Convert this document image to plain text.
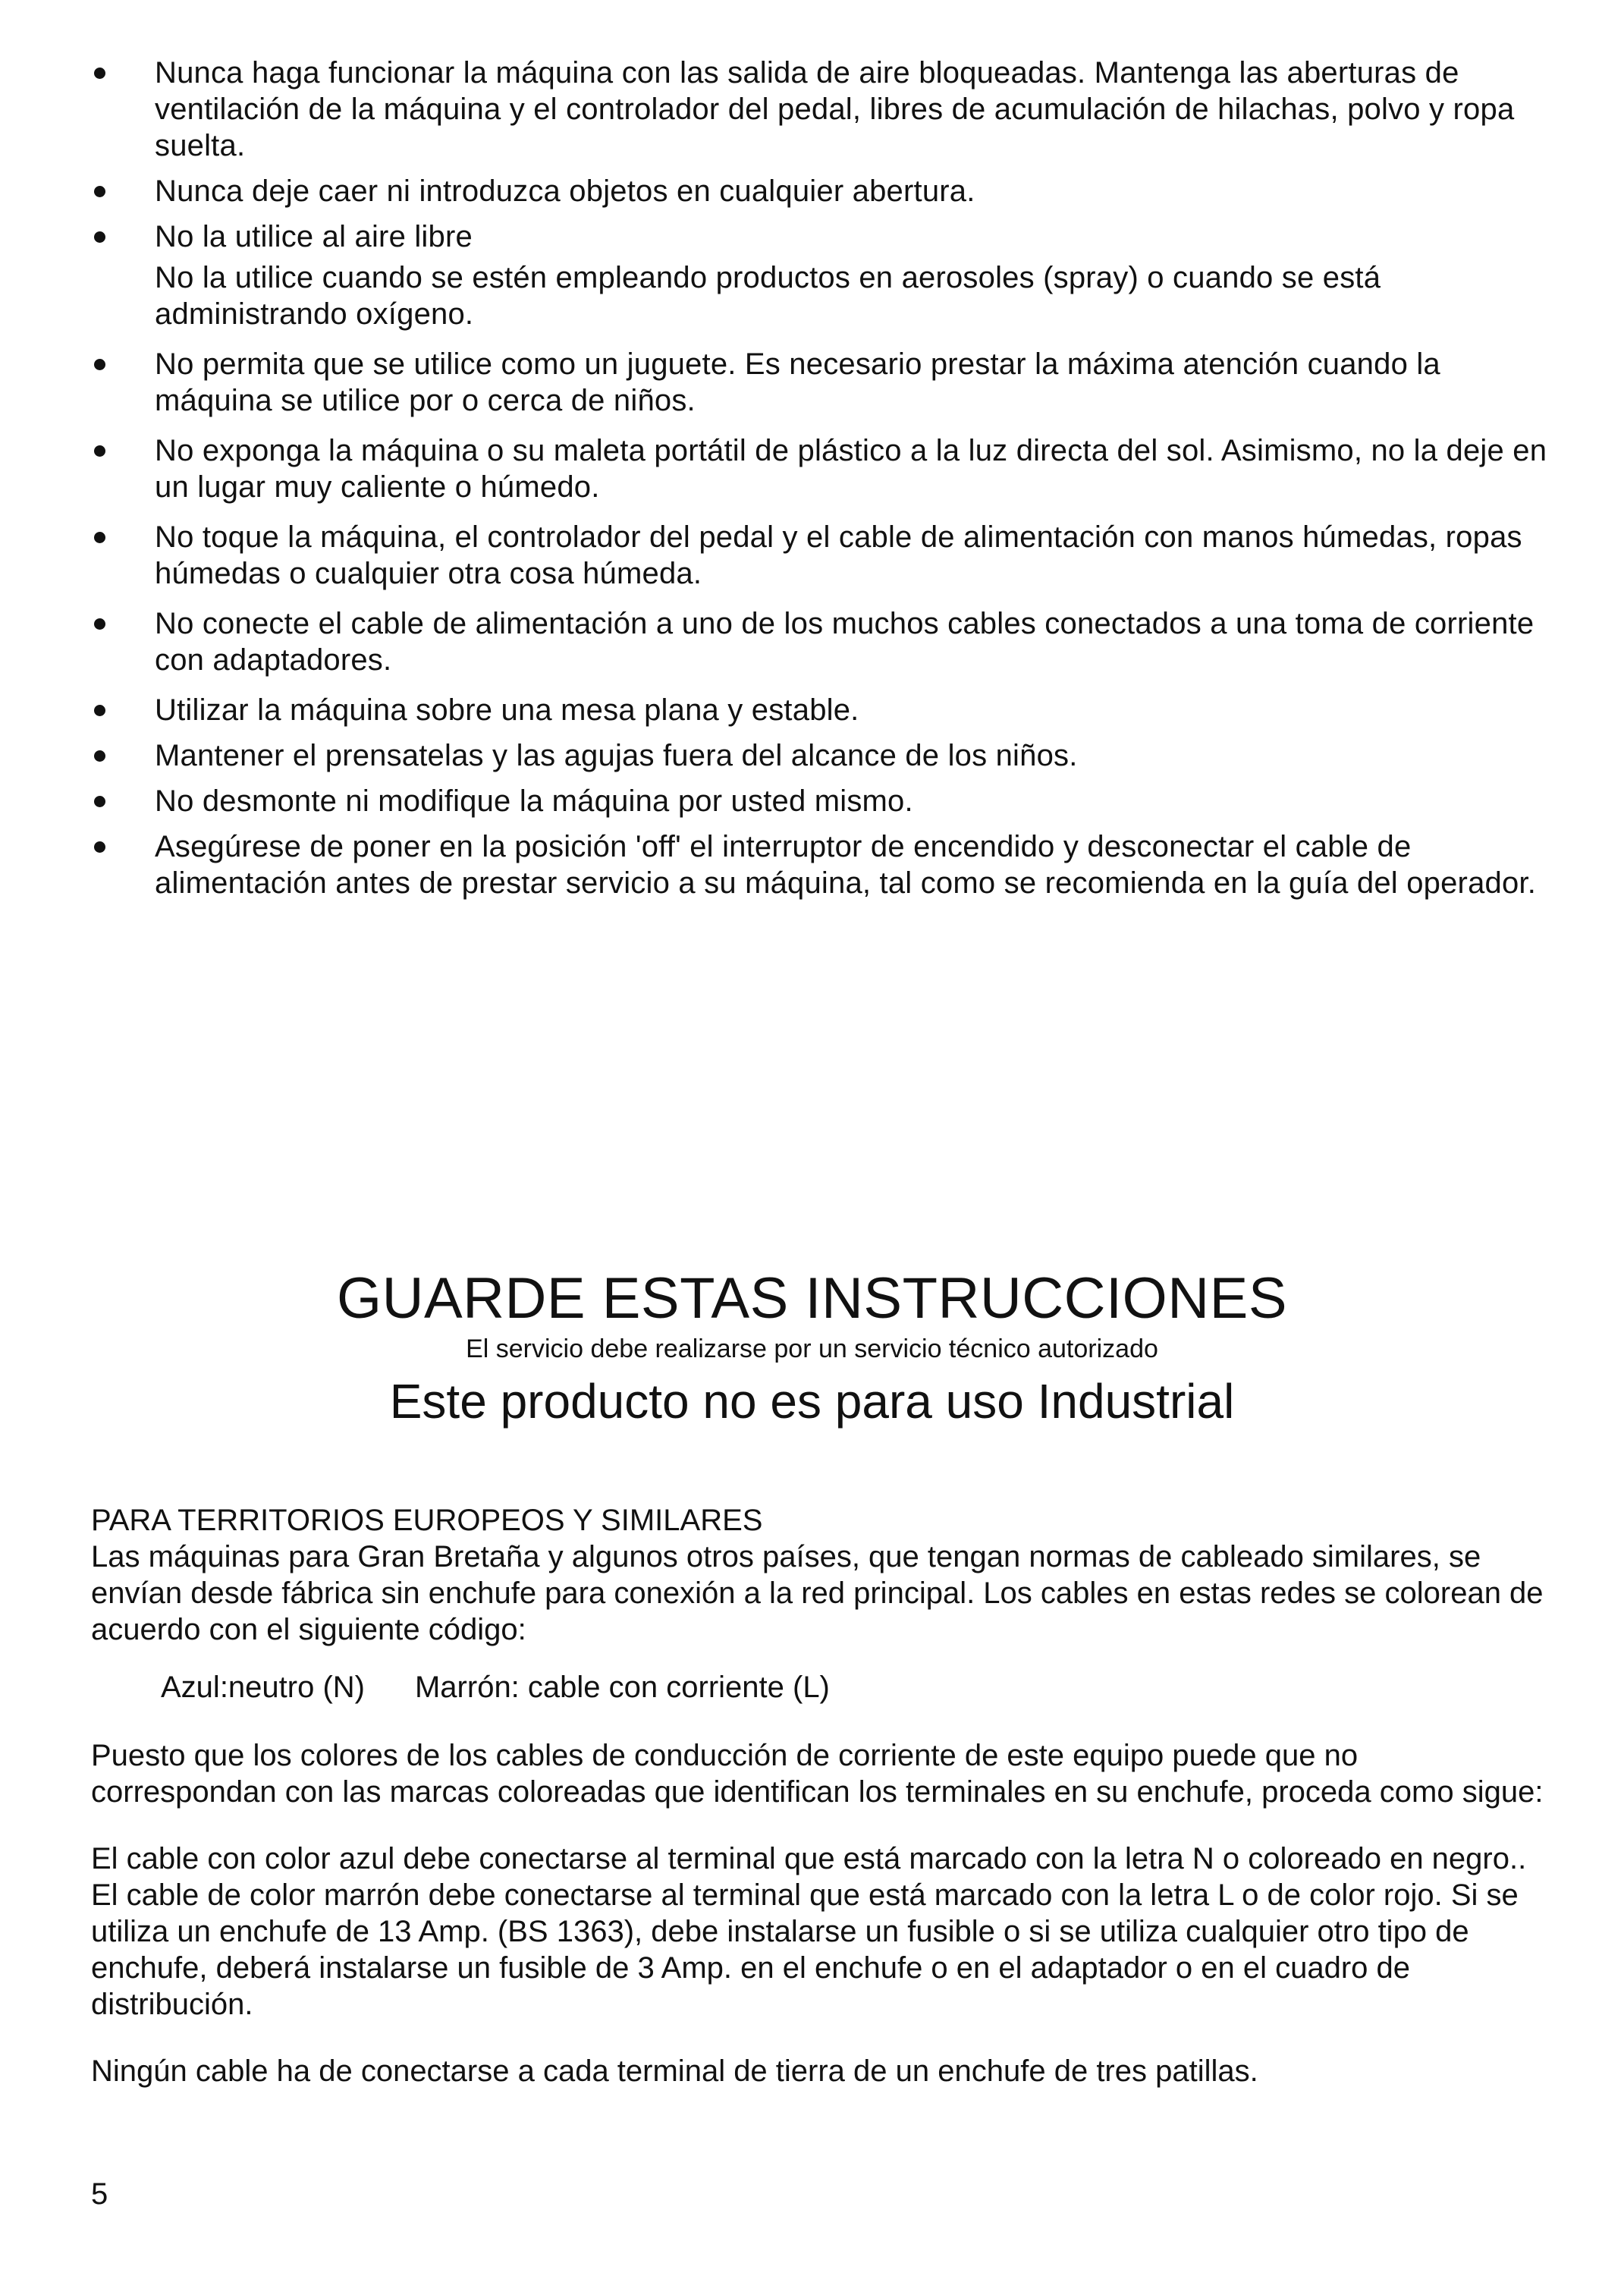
Nunca haga funcionar la máquina con las salida de aire bloqueadas. Mantenga las aberturas de ventilación de la máquina y el controlador del pedal, libres de acumulación de hilachas, polvo y ropa suelta.
Nunca deje caer ni introduzca objetos en cualquier abertura.
No la utilice al aire libre
No la utilice cuando se estén empleando productos en aerosoles (spray) o cuando se está administrando oxígeno.
No permita que se utilice como un juguete. Es necesario prestar la máxima atención cuando la máquina se utilice por o cerca de niños.
No exponga la máquina o su maleta portátil de plástico a la luz directa del sol. Asimismo, no la deje en un lugar muy caliente o húmedo.
No toque la máquina, el controlador del pedal y el cable de alimentación con manos húmedas, ropas húmedas o cualquier otra cosa húmeda.
No conecte el cable de alimentación a uno de los muchos cables conectados a una toma de corriente con adaptadores.
Utilizar la máquina sobre una mesa plana y estable.
Mantener el prensatelas y las agujas fuera del alcance de los niños.
No desmonte ni modifique la máquina por usted mismo.
Asegúrese de poner en la posición 'off' el interruptor de encendido y desconectar el cable de alimentación antes de prestar servicio a su máquina, tal como se recomienda en la guía del operador.
GUARDE ESTAS INSTRUCCIONES
El servicio debe realizarse por un servicio técnico autorizado
Este producto no es para uso Industrial

PARA TERRITORIOS EUROPEOS Y SIMILARES

Las máquinas para Gran Bretaña y algunos otros países, que tengan normas de cableado similares, se envían desde fábrica sin enchufe para conexión a la red principal. Los cables en estas redes se colorean de acuerdo con el siguiente código:

Azul:neutro (N) Marrón: cable con corriente (L)

Puesto que los colores de los cables de conducción de corriente de este equipo puede que no correspondan con las marcas coloreadas que identifican los terminales en su enchufe, proceda como sigue:

El cable con color azul debe conectarse al terminal que está marcado con la letra N o coloreado en negro.. El cable de color marrón debe conectarse al terminal que está marcado con la letra L o de color rojo. Si se utiliza un enchufe de 13 Amp. (BS 1363), debe instalarse un fusible o si se utiliza cualquier otro tipo de enchufe, deberá instalarse un fusible de 3 Amp. en el enchufe o en el adaptador o en el cuadro de distribución.

Ningún cable ha de conectarse a cada terminal de tierra de un enchufe de tres patillas.

5
